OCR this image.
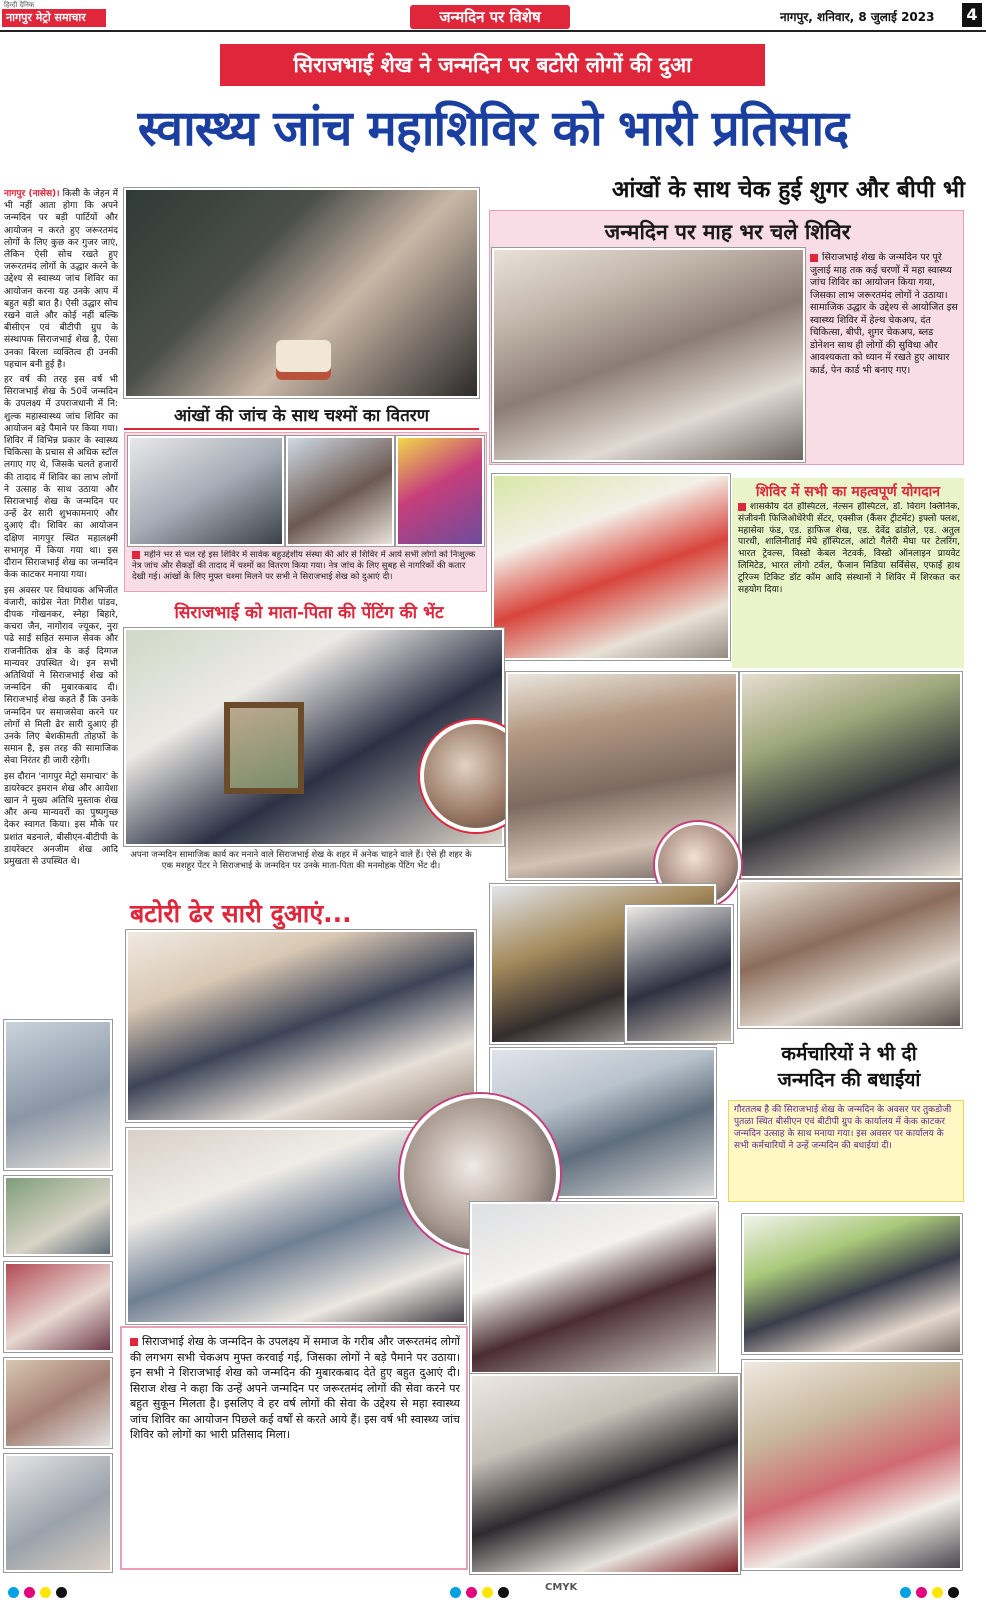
हिन्दी दैनिक
नागपुर मेट्रो समाचार	जन्मदिन पर विशेष	नागपुर, शनिवार, 8 जुलाई 2023 4
सिराजभाई शेख ने जन्मदिन पर बटोरी लोगों की दुआ
स्वास्थ्य जांच महाशिविर को भारी प्रतिसाद
आंखों के साथ चेक हुई शुगर और बीपी भी
नागपुर (नासेस)। किसी के जेहन में भी नहीं आता होगा कि अपने जन्मदिन पर बड़ी पार्टियों और आयोजन न करते हुए जरूरतमंद लोगों के लिए कुछ कर गुजर जाएं, लेकिन ऐसी सोच रखते हुए जरूरतमंद लोगों के उद्धार करने के उद्देश्य से स्वास्थ्य जांच शिविर का आयोजन करना यह उनके आप में बहुत बड़ी बात है। ऐसी उद्धार सोच रखने वाले और कोई नहीं बल्कि बीसीएन एवं बीटीपी ग्रुप के संस्थापक सिराजभाई शेख है, ऐसा उनका बिरला व्यक्तित्व ही उनकी पहचान बनी हुई है।

हर वर्ष की तरह इस वर्ष भी सिराजभाई शेख के 50वें जन्मदिन के उपलक्ष्य में उपराजधानी में नि: शुल्क महास्वास्थ्य जांच शिविर का आयोजन बड़े पैमाने पर किया गया। शिविर में विभिन्न प्रकार के स्वास्थ्य चिकित्सा के प्रचास से अधिक स्टॉल लगाए गए थे, जिसके चलते हजारों की तादाद में शिविर का लाभ लोगों ने उत्साह के साथ उठाया और सिराजभाई शेख के जन्मदिन पर उन्हें ढेर सारी शुभकामनाएं और दुआएं दी। शिविर का आयोजन दक्षिण नागपुर स्थित महालक्ष्मी सभागृह में किया गया था। इस दौरान सिराजभाई शेख का जन्मदिन केक काटकर मनाया गया।

इस अवसर पर विधायक अभिजीत वंजारी, कांग्रेस नेता गिरीश पांडव, दीपक गोखनकर, स्नेहा बिहारे, कचरा जैन, नागोराव ज्यूकर, नुरा पढे साईं सहित समाज सेवक और राजनीतिक क्षेत्र के कई दिग्गज मान्यवर उपस्थित थे। इन सभी अतिथियों ने सिराजभाई शेख को जन्मदिन की मुबारकबाद दी। सिराजभाई शेख कहते हैं कि उनके जन्मदिन पर समाजसेवा करने पर लोगों से मिली ढेर सारी दुआएं ही उनके लिए बेशकीमती तोहफों के समान है, इस तरह की सामाजिक सेवा निरंतर ही जारी रहेगी।

इस दौरान 'नागपुर मेट्रो समाचार' के डायरेक्टर इमरान शेख और आयेशा खान ने मुख्य अतिथि मुस्ताक शेख और अन्य मान्यवरों का पुष्पगुच्छ देकर स्वागत किया। इस मौके पर प्रशांत बडनाले, बीसीएन-बीटीपी के डायरेक्टर अनजीम शेख आदि प्रमुखता से उपस्थित थे।

आंखों की जांच के साथ चश्मों का वितरण
महीने भर से चल रहे इस शिविर में सार्वक बहुउद्देशीय संस्था की ओर से शिविर में आये सभी लोगों को निःशुल्क नेत्र जांच और सैकड़ों की तादाद में चश्मों का वितरण किया गया। नेत्र जांच के लिए सुबह से नागरिकों की कतार देखी गई। आंखों के लिए मुफ्त चश्मा मिलने पर सभी ने सिराजभाई शेख को दुआएं दी।
जन्मदिन पर माह भर चले शिविर
सिराजभाई शेख के जन्मदिन पर पूरे जुलाई माह तक कई चरणों में महा स्वास्थ्य जांच शिविर का आयोजन किया गया, जिसका लाभ जरूरतमंद लोगों ने उठाया। सामाजिक उद्धार के उद्देश्य से आयोजित इस स्वास्थ्य शिविर में हेल्थ चेकअप, दंत चिकित्सा, बीपी, शुगर चेकअप, ब्लड डोनेशन साथ ही लोगों की सुविधा और आवश्यकता को ध्यान में रखते हुए आधार कार्ड, पेन कार्ड भी बनाए गए।
शिविर में सभी का महत्वपूर्ण योगदान
शासकीय दंत हॉस्पिटल, नेल्सन हॉस्पिटल, डॉ. विराग क्लिनिक, संजीवनी फिजिओथेरेपी सेंटर, एक्सीज (कैंसर ट्रीटमेंट) इफ्लो फ्लश, महासेवा फंड, एड. हाफिज शेख, एड. देवेंद्र ढांडोले, एड. अतुल पारधी, शालिनीताई मेघे हॉस्पिटल, आंटो गैलेरी मेघा पर टेलरिंग, भारत ट्रेवल्स, विस्डो केबल नेटवर्क, विस्डो ऑनलाइन प्रायवेट लिमिटेड, भारत लोगो टर्वल, फैजान मिडिया सर्विसेस, एफाई हाथ टूरिज्म टिकिट डॉट कॉम आदि संस्थानों ने शिविर में शिरकत कर सहयोग दिया।
सिराजभाई को माता-पिता की पेंटिंग की भेंट
अपना जन्मदिन सामाजिक कार्य कर मनाने वाले सिराजभाई शेख के शहर में अनेक चाहने वाले हैं। ऐसे ही शहर के एक मशहूर पेंटर ने सिराजभाई के जन्मदिन पर उनके माता-पिता की मनमोहक पेंटिंग भेंट दी।
बटोरी ढेर सारी दुआएं...
कर्मचारियों ने भी दी
जन्मदिन की बधाईयां
गौरतलब है की सिराजभाई शेख के जन्मदिन के अवसर पर तुकडोजी पुतळा स्थित बीसीएन एवं बीटीपी ग्रुप के कार्यालय में केक काटकर जन्मदिन उत्साह के साथ मनाया गया। इस अवसर पर कार्यालय के सभी कर्मचारियों ने उन्हें जन्मदिन की बधाईयां दी।
सिराजभाई शेख के जन्मदिन के उपलक्ष्य में समाज के गरीब और जरूरतमंद लोगों की लगभग सभी चेकअप मुफ्त करवाई गई, जिसका लोगों ने बड़े पैमाने पर उठाया। इन सभी ने शिराजभाई शेख को जन्मदिन की मुबारकबाद देते हुए बहुत दुआएं दी। सिराज शेख ने कहा कि उन्हें अपने जन्मदिन पर जरूरतमंद लोगों की सेवा करने पर बहुत सुकून मिलता है। इसलिए वे हर वर्ष लोगों की सेवा के उद्देश्य से महा स्वास्थ्य जांच शिविर का आयोजन पिछले कई वर्षों से करते आये हैं। इस वर्ष भी स्वास्थ्य जांच शिविर को लोगों का भारी प्रतिसाद मिला।
CMYK
